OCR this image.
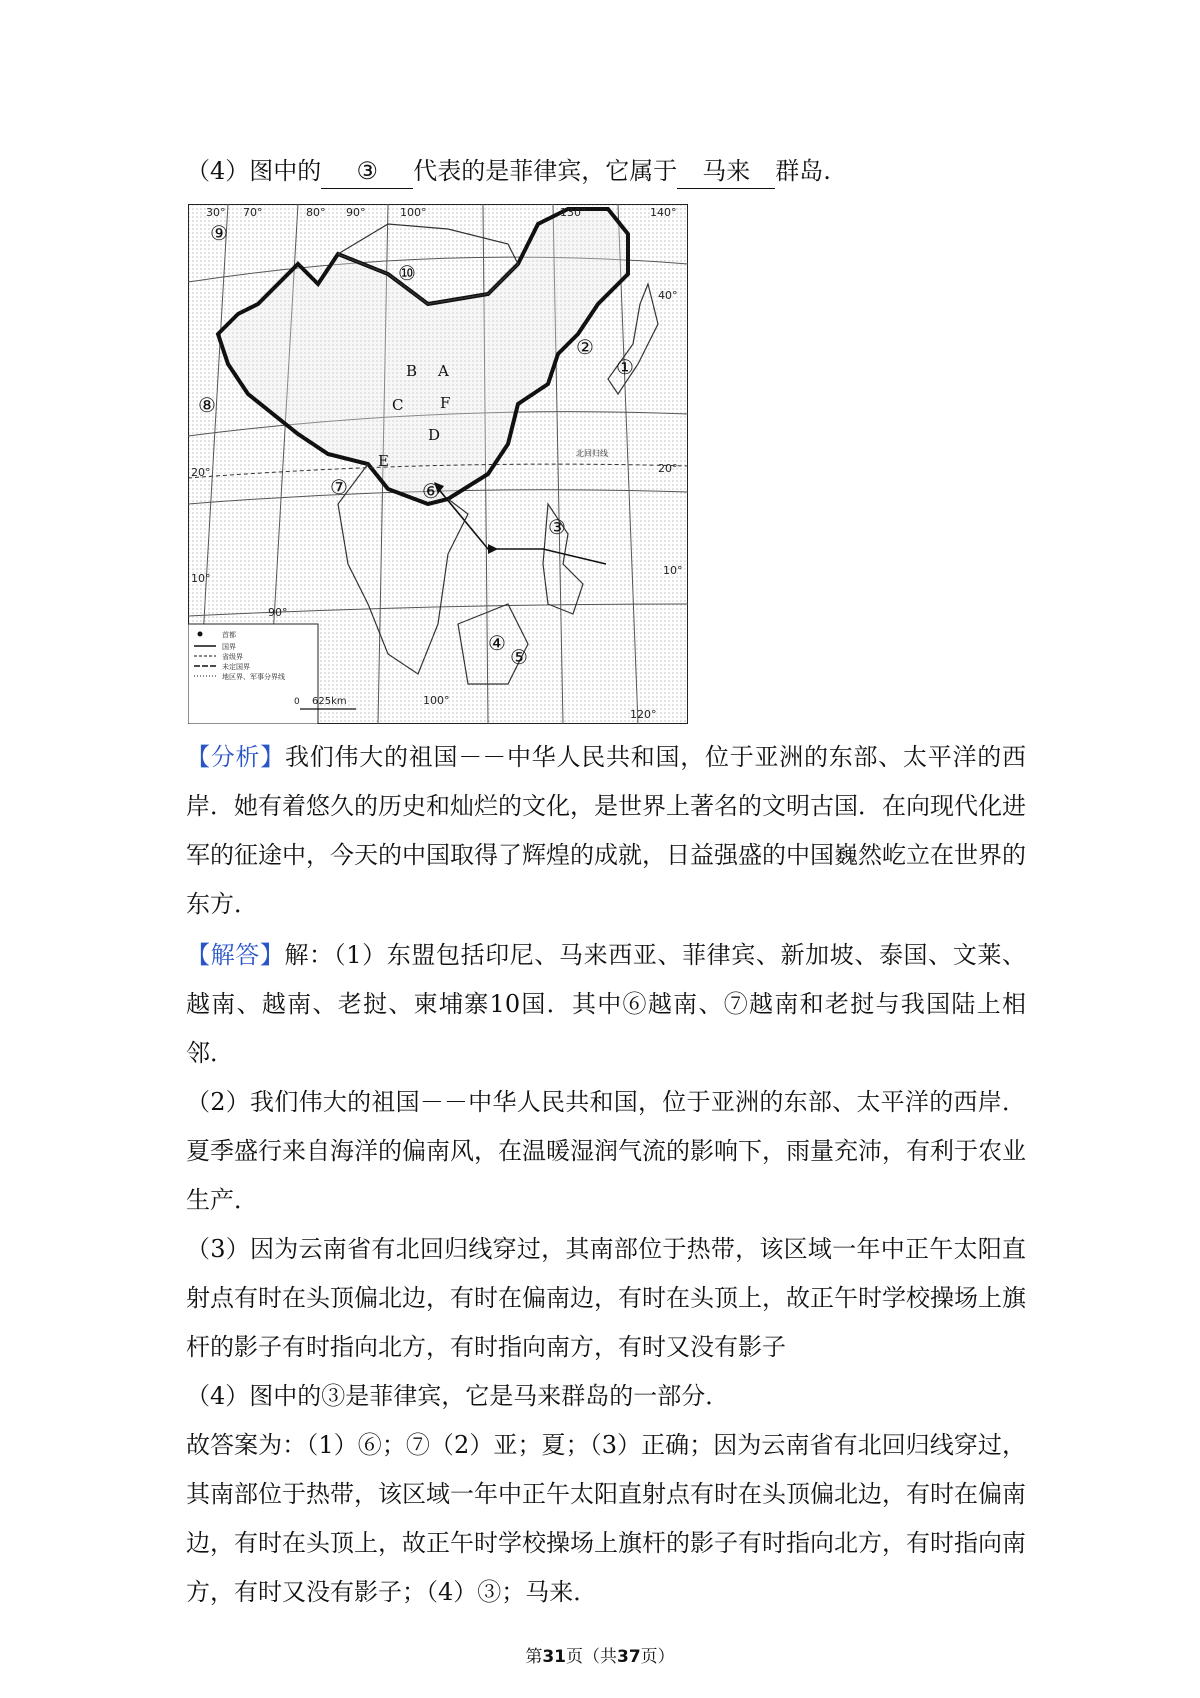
（4）图中的 ③ 代表的是菲律宾，它属于 马来 群岛.
30° 70°	80° 90°	100°	130°	140°
90°
100°
120°
40°
20°	20°
10°
10°
⑨
⑩
⑧
⑦	⑥
①
②
③
④
⑤
A
B
C
D
E
F
北回归线
首都
国界
省级界
未定国界
地区界、军事分界线
0 625km
【分析】我们伟大的祖国－－中华人民共和国，位于亚洲的东部、太平洋的西岸．她有着悠久的历史和灿烂的文化，是世界上著名的文明古国．在向现代化进军的征途中，今天的中国取得了辉煌的成就，日益强盛的中国巍然屹立在世界的东方．
【解答】解：（1）东盟包括印尼、马来西亚、菲律宾、新加坡、泰国、文莱、越南、越南、老挝、柬埔寨10国．其中⑥越南、⑦越南和老挝与我国陆上相邻．
（2）我们伟大的祖国－－中华人民共和国，位于亚洲的东部、太平洋的西岸．夏季盛行来自海洋的偏南风，在温暖湿润气流的影响下，雨量充沛，有利于农业生产．
（3）因为云南省有北回归线穿过，其南部位于热带，该区域一年中正午太阳直射点有时在头顶偏北边，有时在偏南边，有时在头顶上，故正午时学校操场上旗杆的影子有时指向北方，有时指向南方，有时又没有影子
（4）图中的③是菲律宾，它是马来群岛的一部分．
故答案为：（1）⑥；⑦（2）亚；夏；（3）正确；因为云南省有北回归线穿过，其南部位于热带，该区域一年中正午太阳直射点有时在头顶偏北边，有时在偏南边，有时在头顶上，故正午时学校操场上旗杆的影子有时指向北方，有时指向南方，有时又没有影子；（4）③；马来．
第31页（共37页）
